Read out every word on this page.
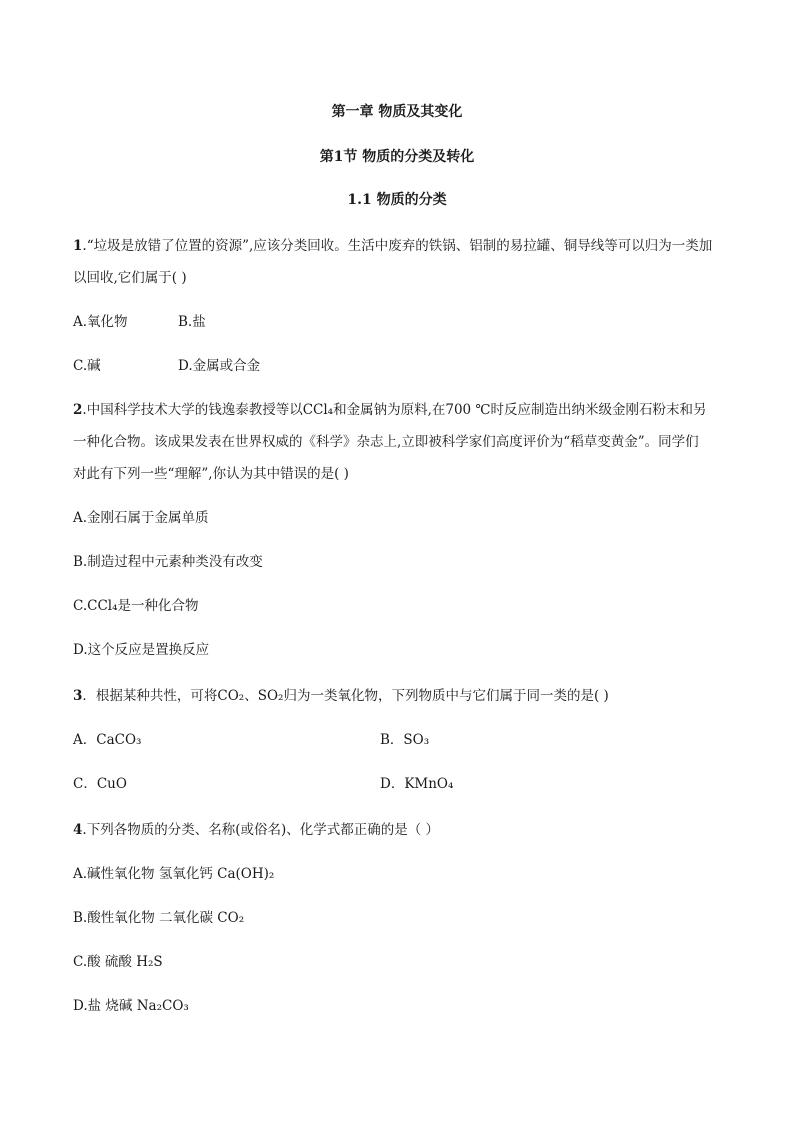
第一章 物质及其变化
第1节 物质的分类及转化
1.1 物质的分类
1.“垃圾是放错了位置的资源”,应该分类回收。生活中废弃的铁锅、铝制的易拉罐、铜导线等可以归为一类加
以回收,它们属于( )
A.氧化物	B.盐
C.碱	D.金属或合金
2.中国科学技术大学的钱逸泰教授等以CCl₄和金属钠为原料,在700 ℃时反应制造出纳米级金刚石粉末和另
一种化合物。该成果发表在世界权威的《科学》杂志上,立即被科学家们高度评价为“稻草变黄金”。同学们
对此有下列一些“理解”,你认为其中错误的是( )
A.金刚石属于金属单质
B.制造过程中元素种类没有改变
C.CCl₄是一种化合物
D.这个反应是置换反应
3．根据某种共性，可将CO₂、SO₂归为一类氧化物，下列物质中与它们属于同一类的是( )
A．CaCO₃	B．SO₃
C．CuO	D．KMnO₄
4.下列各物质的分类、名称(或俗名)、化学式都正确的是（ ）
A.碱性氧化物 氢氧化钙 Ca(OH)₂
B.酸性氧化物 二氧化碳 CO₂
C.酸 硫酸 H₂S
D.盐 烧碱 Na₂CO₃
